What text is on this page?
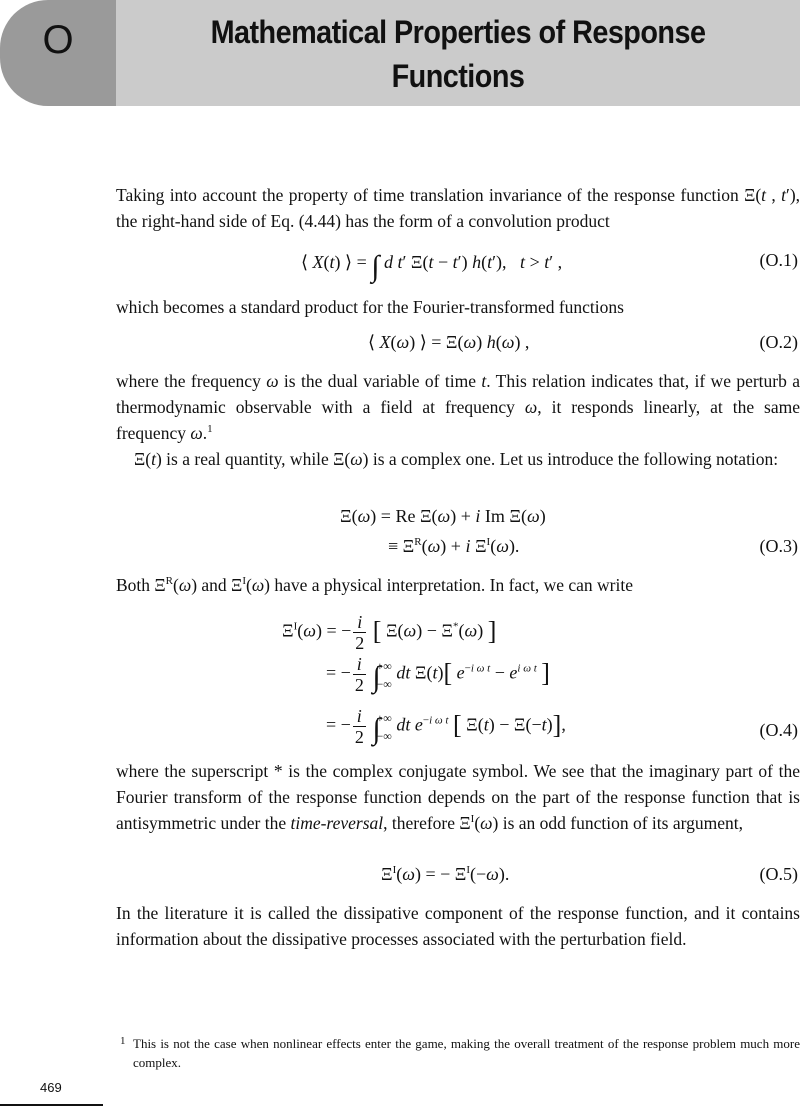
O	Mathematical Properties of Response
Functions

Taking into account the property of time translation invariance of the response function Ξ(t , t′), the right-hand side of Eq. (4.44) has the form of a convolution product

⟨ X(t) ⟩ = ∫ d t′ Ξ(t − t′) h(t′),   t > t′ ,	(O.1)

which becomes a standard product for the Fourier-transformed functions

⟨ X(ω) ⟩ = Ξ(ω) h(ω) ,	(O.2)

where the frequency ω is the dual variable of time t. This relation indicates that, if we perturb a thermodynamic observable with a field at frequency ω, it responds linearly, at the same frequency ω.$^1$

Ξ(t) is a real quantity, while Ξ(ω) is a complex one. Let us introduce the following notation:

Ξ(ω) = Re Ξ(ω) + i Im Ξ(ω)
≡ $\Xi^R(\omega) + i$ $\Xi^I(\omega)$.	(O.3)

Both $\Xi^R(\omega)$ and $\Xi^I(\omega)$ have a physical interpretation. In fact, we can write

$\Xi^I(\omega)$ = − $\frac{i}{2}$ [ Ξ(ω) − Ξ*(ω) ]
= − $\frac{i}{2}$ ∫
+∞
−∞
dt Ξ(t)[ $e^{-i \omega t} - e^{i \omega t}$ ]
= − $\frac{i}{2}$ ∫
+∞
−∞
dt $e^{-i \omega t}$ [ Ξ(t) − Ξ(−t)],	(O.4)

where the superscript * is the complex conjugate symbol. We see that the imaginary part of the Fourier transform of the response function depends on the part of the response function that is antisymmetric under the time-reversal, therefore $\Xi^I(\omega)$ is an odd function of its argument,

$\Xi^I(\omega)$ = − $\Xi^I(-\omega)$.	(O.5)

In the literature it is called the dissipative component of the response function, and it contains information about the dissipative processes associated with the perturbation field.

1 This is not the case when nonlinear effects enter the game, making the overall treatment of the response problem much more complex.
469
